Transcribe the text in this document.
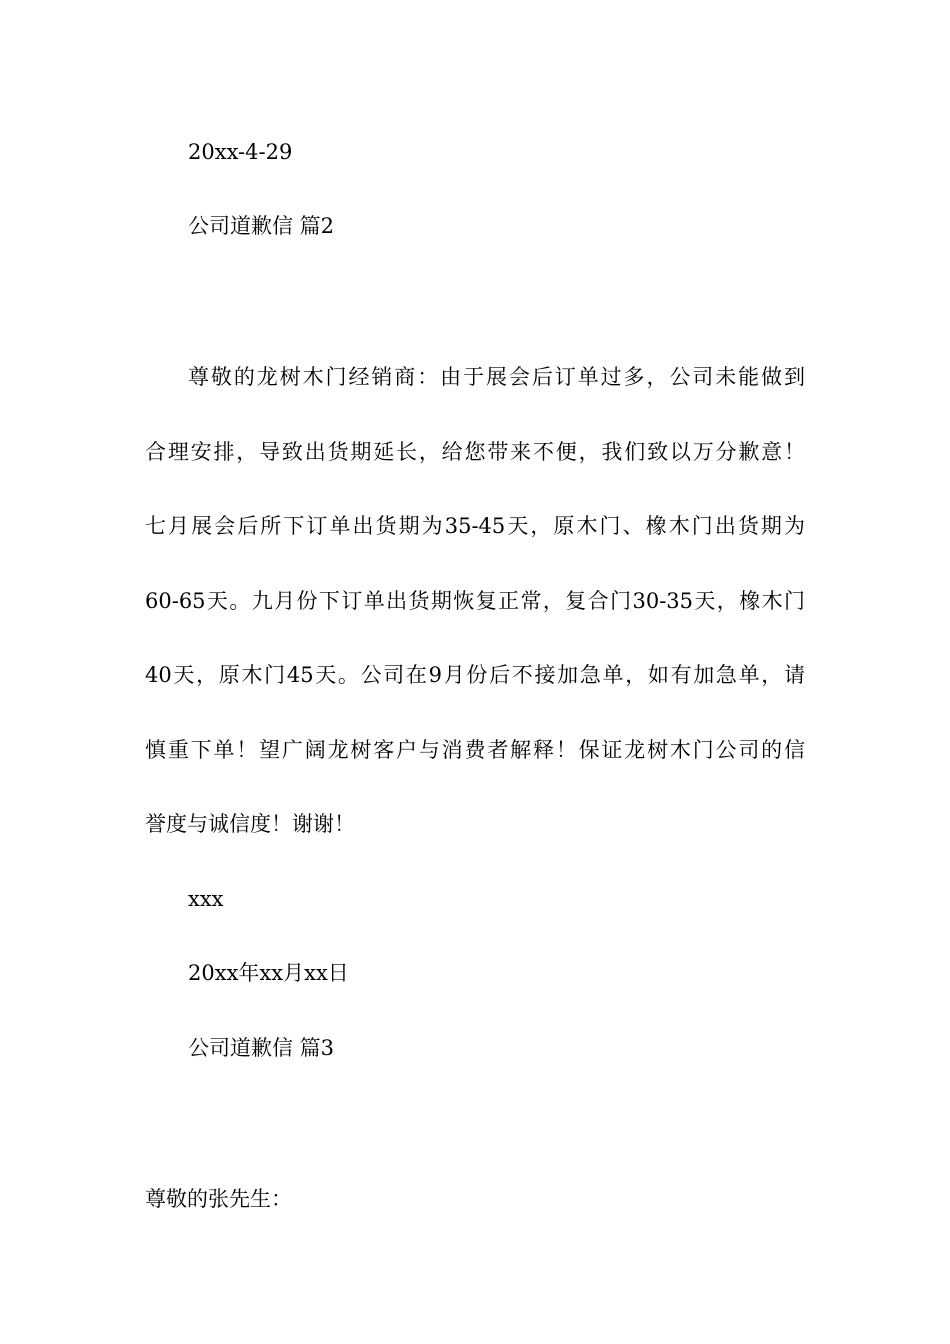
20xx-4-29
公司道歉信 篇2
尊敬的龙树木门经销商：由于展会后订单过多，公司未能做到
合理安排，导致出货期延长，给您带来不便，我们致以万分歉意！
七月展会后所下订单出货期为35-45天，原木门、橡木门出货期为
60-65天。九月份下订单出货期恢复正常，复合门30-35天，橡木门
40天，原木门45天。公司在9月份后不接加急单，如有加急单，请
慎重下单！望广阔龙树客户与消费者解释！保证龙树木门公司的信
誉度与诚信度！谢谢！
xxx
20xx年xx月xx日
公司道歉信 篇3
尊敬的张先生：
